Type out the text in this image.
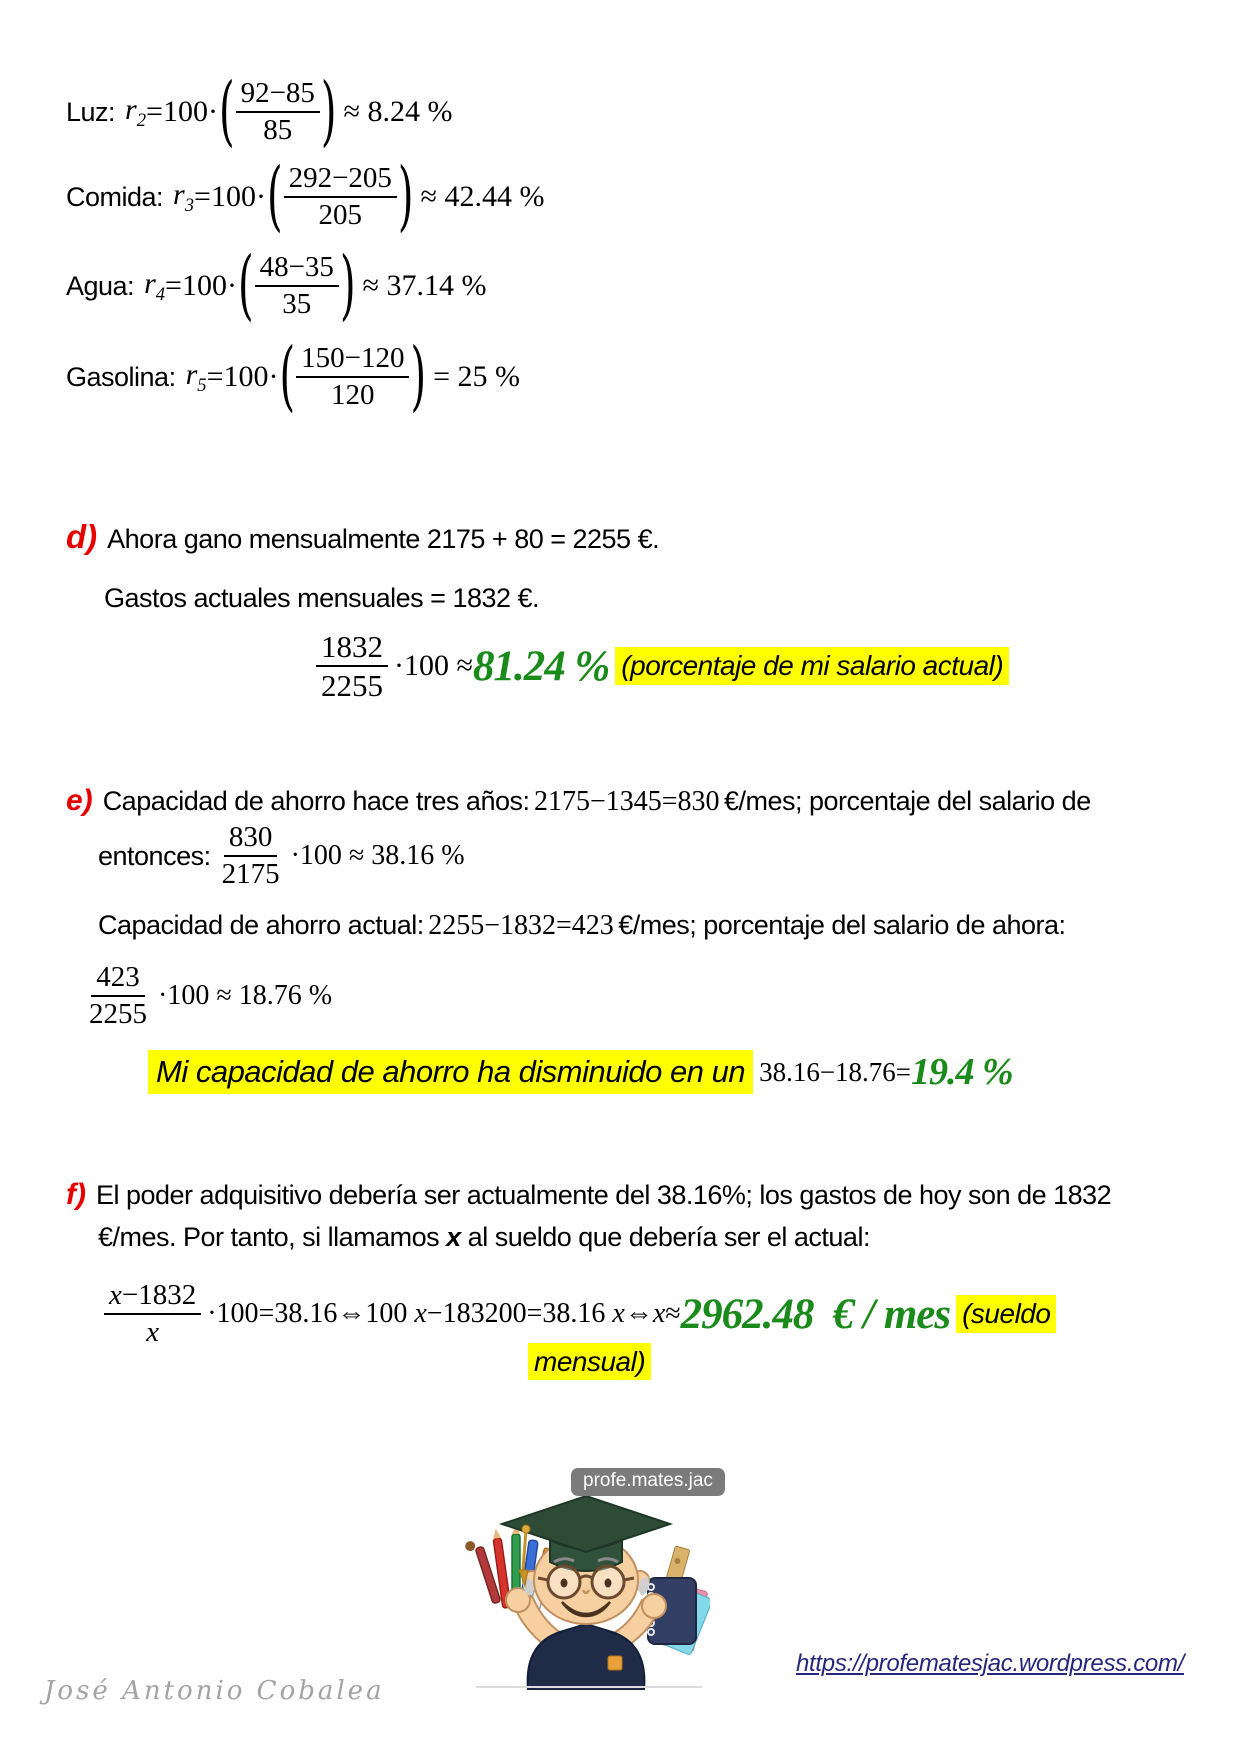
Luz: $r_2 =100\cdot$ ( $\frac{92-85}{85}$ ) ≈ 8.24 %
Comida: $r_3 =100\cdot$ ( $\frac{292-205}{205}$ ) ≈ 42.44 %
Agua: $r_4 =100\cdot$ ( $\frac{48-35}{35}$ ) ≈ 37.14 %
Gasolina: $r_5 =100\cdot$ ( $\frac{150-120}{120}$ ) = 25 %
d) Ahora gano mensualmente 2175 + 80 = 2255 €.
Gastos actuales mensuales = 1832 €.
$\frac{1832}{2255} \cdot 100 \approx 81.24$ % (porcentaje de mi salario actual)
e) Capacidad de ahorro hace tres años: 2175−1345=830 €/mes; porcentaje del salario de
entonces: $\frac{830}{2175} \cdot 100 \approx 38.16$ %
Capacidad de ahorro actual: 2255−1832=423 €/mes; porcentaje del salario de ahora:
$\frac{423}{2255} \cdot 100 \approx 18.76$ %
Mi capacidad de ahorro ha disminuido en un 38.16−18.76= 19.4 %
f) El poder adquisitivo debería ser actualmente del 38.16%; los gastos de hoy son de 1832
€/mes. Por tanto, si llamamos x al sueldo que debería ser el actual:
$\frac{x-1832}{x}$ ·100=38.16⇔100 x−183200=38.16 x⇔x≈ 2962.48  € / mes (sueldo
mensual)
profe.mates.jac
https://profematesjac.wordpress.com/
José Antonio Cobalea
